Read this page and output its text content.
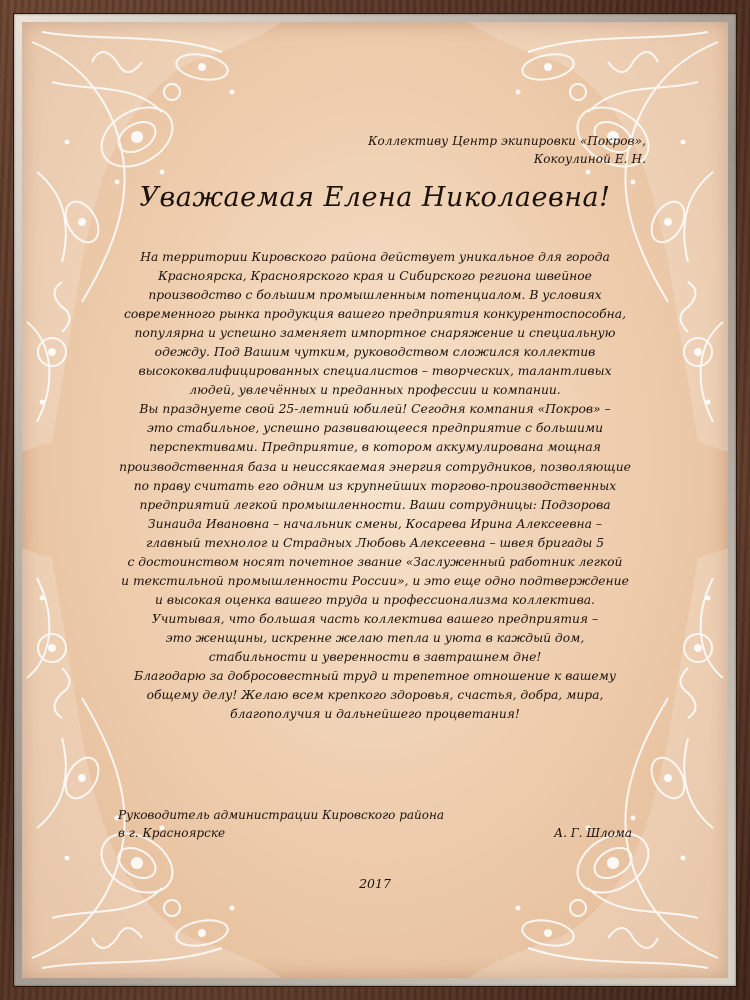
Коллективу Центр экипировки «Покров»,
Кокоулиной Е. Н.
Уважаемая Елена Николаевна!
На территории Кировского района действует уникальное для города
Красноярска, Красноярского края и Сибирского региона швейное
производство с большим промышленным потенциалом. В условиях
современного рынка продукция вашего предприятия конкурентоспособна,
популярна и успешно заменяет импортное снаряжение и специальную
одежду. Под Вашим чутким, руководством сложился коллектив
высококвалифицированных специалистов – творческих, талантливых
людей, увлечённых и преданных профессии и компании.
Вы празднуете свой 25-летний юбилей! Сегодня компания «Покров» –
это стабильное, успешно развивающееся предприятие с большими
перспективами. Предприятие, в котором аккумулирована мощная
производственная база и неиссякаемая энергия сотрудников, позволяющие
по праву считать его одним из крупнейших торгово-производственных
предприятий легкой промышленности. Ваши сотрудницы: Подзорова
Зинаида Ивановна – начальник смены, Косарева Ирина Алексеевна –
главный технолог и Страдных Любовь Алексеевна – швея бригады 5
с достоинством носят почетное звание «Заслуженный работник легкой
и текстильной промышленности России», и это еще одно подтверждение
и высокая оценка вашего труда и профессионализма коллектива.
Учитывая, что большая часть коллектива вашего предприятия –
это женщины, искренне желаю тепла и уюта в каждый дом,
стабильности и уверенности в завтрашнем дне!
Благодарю за добросовестный труд и трепетное отношение к вашему
общему делу! Желаю всем крепкого здоровья, счастья, добра, мира,
благополучия и дальнейшего процветания!
Руководитель администрации Кировского района
в г. Красноярске	А. Г. Шлома
2017
